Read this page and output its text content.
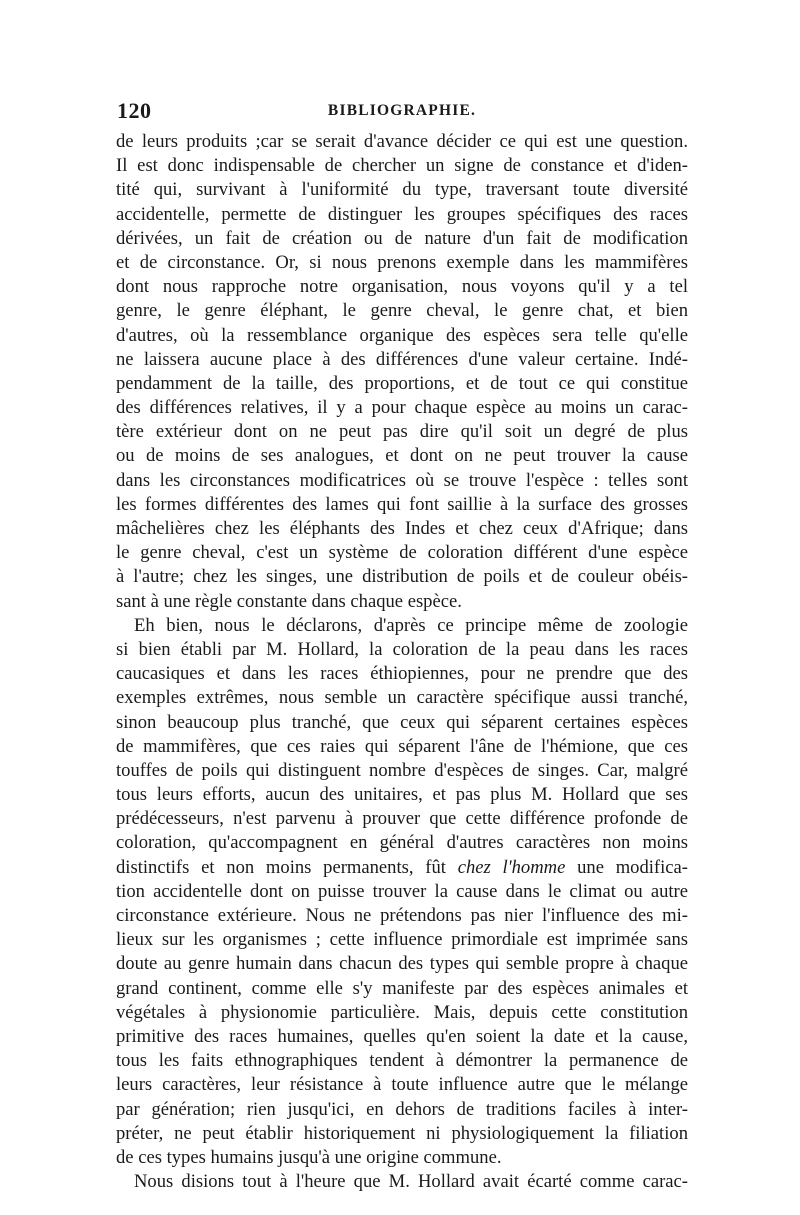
120	BIBLIOGRAPHIE.
de leurs produits ;car se serait d'avance décider ce qui est une question.
Il est donc indispensable de chercher un signe de constance et d'iden-
tité qui, survivant à l'uniformité du type, traversant toute diversité
accidentelle, permette de distinguer les groupes spécifiques des races
dérivées, un fait de création ou de nature d'un fait de modification
et de circonstance. Or, si nous prenons exemple dans les mammifères
dont nous rapproche notre organisation, nous voyons qu'il y a tel
genre, le genre éléphant, le genre cheval, le genre chat, et bien
d'autres, où la ressemblance organique des espèces sera telle qu'elle
ne laissera aucune place à des différences d'une valeur certaine. Indé-
pendamment de la taille, des proportions, et de tout ce qui constitue
des différences relatives, il y a pour chaque espèce au moins un carac-
tère extérieur dont on ne peut pas dire qu'il soit un degré de plus
ou de moins de ses analogues, et dont on ne peut trouver la cause
dans les circonstances modificatrices où se trouve l'espèce : telles sont
les formes différentes des lames qui font saillie à la surface des grosses
mâchelières chez les éléphants des Indes et chez ceux d'Afrique; dans
le genre cheval, c'est un système de coloration différent d'une espèce
à l'autre; chez les singes, une distribution de poils et de couleur obéis-
sant à une règle constante dans chaque espèce.
Eh bien, nous le déclarons, d'après ce principe même de zoologie
si bien établi par M. Hollard, la coloration de la peau dans les races
caucasiques et dans les races éthiopiennes, pour ne prendre que des
exemples extrêmes, nous semble un caractère spécifique aussi tranché,
sinon beaucoup plus tranché, que ceux qui séparent certaines espèces
de mammifères, que ces raies qui séparent l'âne de l'hémione, que ces
touffes de poils qui distinguent nombre d'espèces de singes. Car, malgré
tous leurs efforts, aucun des unitaires, et pas plus M. Hollard que ses
prédécesseurs, n'est parvenu à prouver que cette différence profonde de
coloration, qu'accompagnent en général d'autres caractères non moins
distinctifs et non moins permanents, fût chez l'homme une modifica-
tion accidentelle dont on puisse trouver la cause dans le climat ou autre
circonstance extérieure. Nous ne prétendons pas nier l'influence des mi-
lieux sur les organismes ; cette influence primordiale est imprimée sans
doute au genre humain dans chacun des types qui semble propre à chaque
grand continent, comme elle s'y manifeste par des espèces animales et
végétales à physionomie particulière. Mais, depuis cette constitution
primitive des races humaines, quelles qu'en soient la date et la cause,
tous les faits ethnographiques tendent à démontrer la permanence de
leurs caractères, leur résistance à toute influence autre que le mélange
par génération; rien jusqu'ici, en dehors de traditions faciles à inter-
préter, ne peut établir historiquement ni physiologiquement la filiation
de ces types humains jusqu'à une origine commune.
Nous disions tout à l'heure que M. Hollard avait écarté comme carac-
